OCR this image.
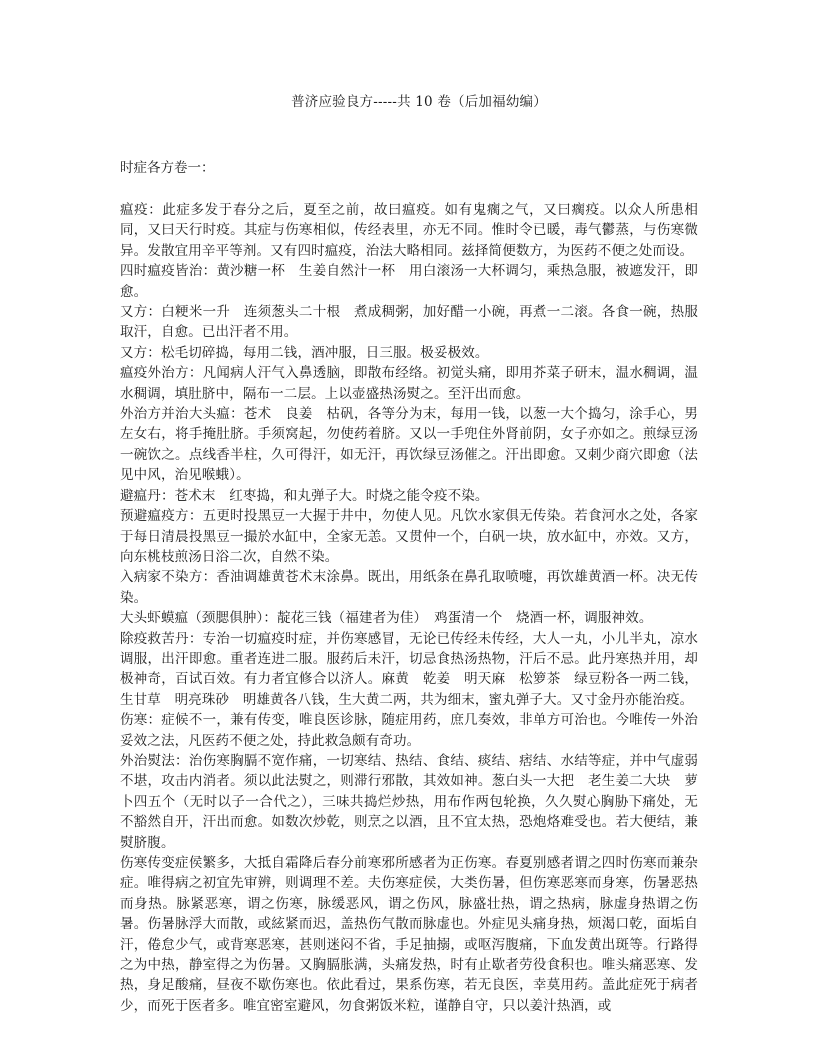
普济应验良方-----共 10 卷（后加福幼编）
时症各方卷一：

瘟疫：此症多发于春分之后，夏至之前，故曰瘟疫。如有鬼瘸之气，又曰瘸疫。以众人所患相同，又曰天行时疫。其症与伤寒相似，传经表里，亦无不同。惟时令已暖，毒气鬱蒸，与伤寒微异。发散宜用辛平等剂。又有四时瘟疫，治法大略相同。兹择简便数方，为医药不便之处而设。

四时瘟疫皆治：黄沙糖一杯　生姜自然汁一杯　用白滚汤一大杯调匀，乘热急服，被遮发汗，即愈。

又方：白粳米一升　连须葱头二十根　煮成稠粥，加好醋一小碗，再煮一二滚。各食一碗，热服取汗，自愈。已出汗者不用。

又方：松毛切碎捣，每用二钱，酒冲服，日三服。极妥极效。

瘟疫外治方：凡闻病人汗气入鼻透脑，即散布经络。初觉头痛，即用芥菜子研末，温水稠调，温水稠调，填肚脐中，隔布一二层。上以壶盛热汤熨之。至汗出而愈。

外治方并治大头瘟：苍术　良姜　枯矾，各等分为末，每用一钱，以葱一大个捣匀，涂手心，男左女右，将手掩肚脐。手须窝起，勿使药着脐。又以一手兜住外肾前阴，女子亦如之。煎绿豆汤一碗饮之。点线香半柱，久可得汗，如无汗，再饮绿豆汤催之。汗出即愈。又刺少商穴即愈（法见中风，治见喉蛾）。

避瘟丹：苍术末　红枣捣，和丸弹子大。时烧之能令疫不染。

预避瘟疫方：五更时投黑豆一大握于井中，勿使人见。凡饮水家俱无传染。若食河水之处，各家于每日清晨投黑豆一撮於水缸中，全家无恙。又贯仲一个，白矾一块，放水缸中，亦效。又方，向东桃枝煎汤日浴二次，自然不染。

入病家不染方：香油调雄黄苍术末涂鼻。既出，用纸条在鼻孔取喷嚏，再饮雄黄酒一杯。决无传染。

大头虾蟆瘟（颈腮俱肿）：靛花三钱（福建者为佳）　鸡蛋清一个　烧酒一杯，调服神效。

除疫救苦丹：专治一切瘟疫时症，并伤寒感冒，无论已传经未传经，大人一丸，小儿半丸，凉水调服，出汗即愈。重者连进二服。服药后未汗，切忌食热汤热物，汗后不忌。此丹寒热并用，却极神奇，百试百效。有力者宜修合以济人。麻黄　乾姜　明天麻　松箩茶　绿豆粉各一两二钱，生甘草　明亮珠砂　明雄黄各八钱，生大黄二两，共为细末，蜜丸弹子大。又寸金丹亦能治疫。

伤寒：症候不一，兼有传变，唯良医诊脉，随症用药，庶几奏效，非单方可治也。今唯传一外治妥效之法，凡医药不便之处，持此救急颇有奇功。

外治熨法：治伤寒胸膈不宽作痛，一切寒结、热结、食结、痰结、痞结、水结等症，并中气虚弱不堪，攻击内消者。须以此法熨之，则滞行邪散，其效如神。葱白头一大把　老生姜二大块　萝卜四五个（无时以子一合代之），三味共捣烂炒热，用布作两包轮换，久久熨心胸胁下痛处，无不豁然自开，汗出而愈。如数次炒乾，则烹之以酒，且不宜太热，恐炮烙难受也。若大便结，兼熨脐腹。

伤寒传变症侯繁多，大抵自霜降后春分前寒邪所感者为正伤寒。春夏别感者谓之四时伤寒而兼杂症。唯得病之初宜先审辨，则调理不差。夫伤寒症侯，大类伤暑，但伤寒恶寒而身寒，伤暑恶热而身热。脉紧恶寒，谓之伤寒，脉缓恶风，谓之伤风，脉盛壮热，谓之热病，脉虚身热谓之伤暑。伤暑脉浮大而散，或絃紧而迟，盖热伤气散而脉虚也。外症见头痛身热，烦渴口乾，面垢自汗，倦怠少气，或背寒恶寒，甚则迷闷不省，手足抽搦，或呕泻腹痛，下血发黄出斑等。行路得之为中热，静室得之为伤暑。又胸膈胀满，头痛发热，时有止歇者劳役食积也。唯头痛恶寒、发热，身足酸痛，昼夜不歇伤寒也。依此看过，果系伤寒，若无良医，幸莫用药。盖此症死于病者少，而死于医者多。唯宜密室避风，勿食粥饭米粒，谨静自守，只以姜汁热酒，或
